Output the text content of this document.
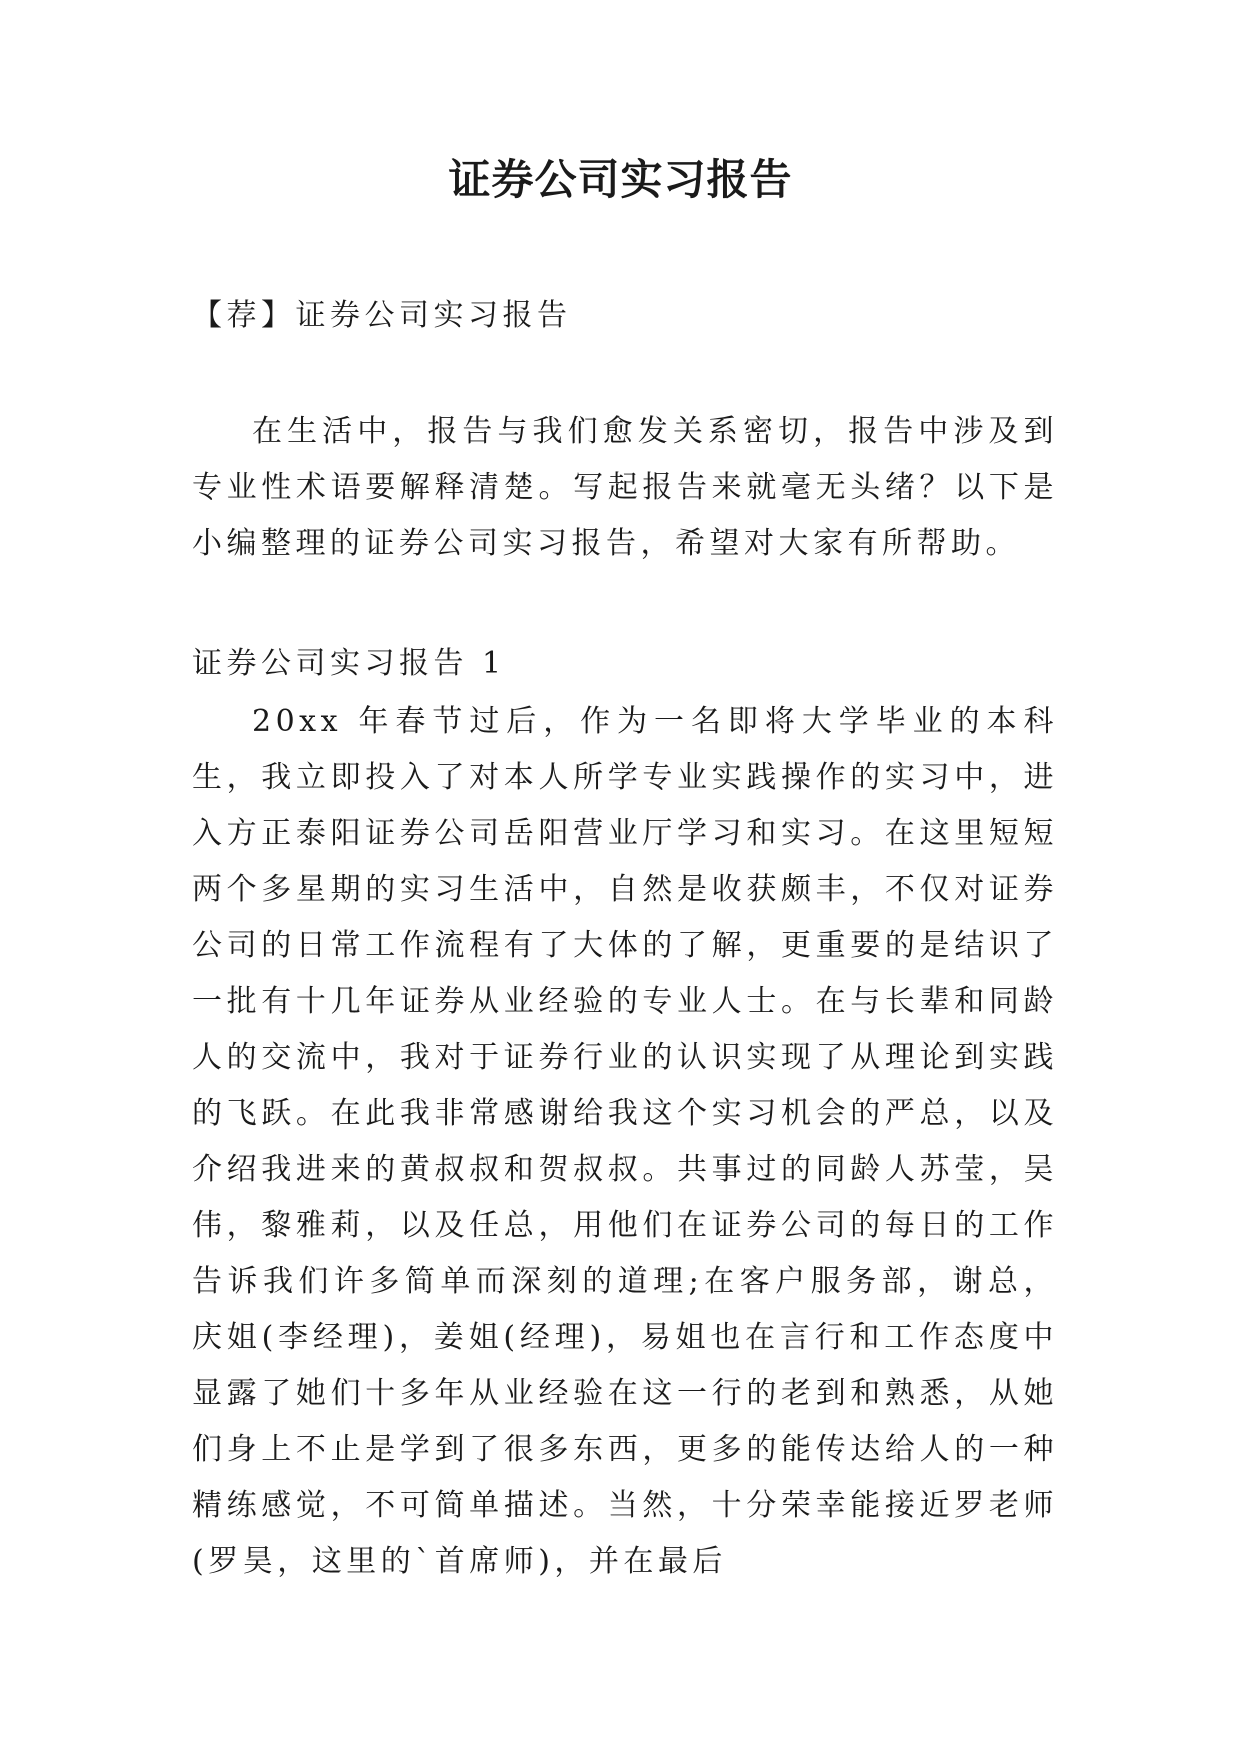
证券公司实习报告

【荐】证券公司实习报告

在生活中，报告与我们愈发关系密切，报告中涉及到专业性术语要解释清楚。写起报告来就毫无头绪？以下是小编整理的证券公司实习报告，希望对大家有所帮助。

证券公司实习报告 1

20xx 年春节过后，作为一名即将大学毕业的本科生，我立即投入了对本人所学专业实践操作的实习中，进入方正泰阳证券公司岳阳营业厅学习和实习。在这里短短两个多星期的实习生活中，自然是收获颇丰，不仅对证券公司的日常工作流程有了大体的了解，更重要的是结识了一批有十几年证券从业经验的专业人士。在与长辈和同龄人的交流中，我对于证券行业的认识实现了从理论到实践的飞跃。在此我非常感谢给我这个实习机会的严总，以及介绍我进来的黄叔叔和贺叔叔。共事过的同龄人苏莹，吴伟，黎雅莉，以及任总，用他们在证券公司的每日的工作告诉我们许多简单而深刻的道理;在客户服务部，谢总，庆姐(李经理)，姜姐(经理)，易姐也在言行和工作态度中显露了她们十多年从业经验在这一行的老到和熟悉，从她们身上不止是学到了很多东西，更多的能传达给人的一种精练感觉，不可简单描述。当然，十分荣幸能接近罗老师(罗昊，这里的`首席师)，并在最后
